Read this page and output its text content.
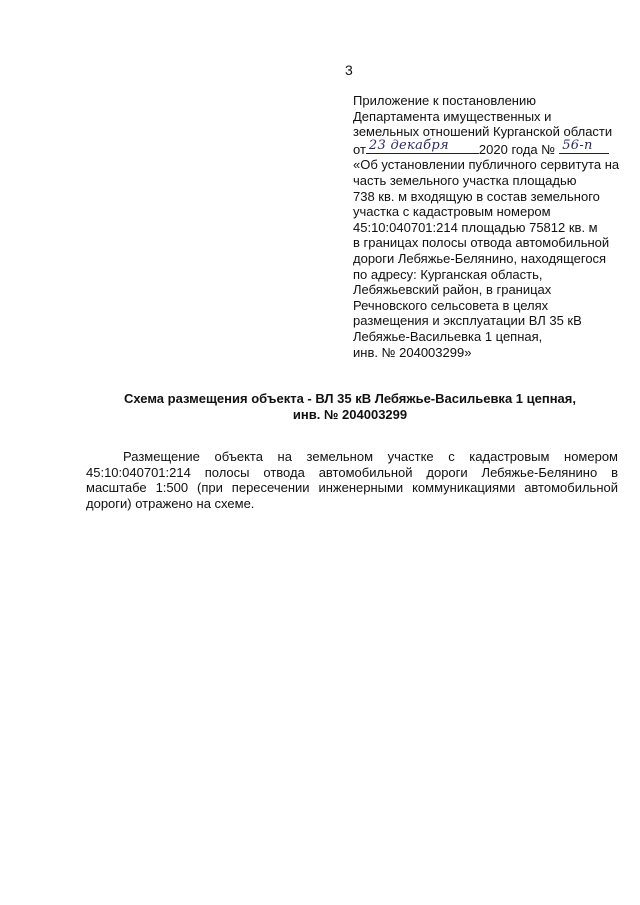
3
Приложение к постановлению
Департамента имущественных и
земельных отношений Курганской области
от 23 декабря 2020 года № 56-п
«Об установлении публичного сервитута на
часть земельного участка площадью
738 кв. м входящую в состав земельного
участка с кадастровым номером
45:10:040701:214 площадью 75812 кв. м
в границах полосы отвода автомобильной
дороги Лебяжье-Белянино, находящегося
по адресу: Курганская область,
Лебяжьевский район, в границах
Речновского сельсовета в целях
размещения и эксплуатации ВЛ 35 кВ
Лебяжье-Васильевка 1 цепная,
инв. № 204003299»
Схема размещения объекта - ВЛ 35 кВ Лебяжье-Васильевка 1 цепная,
инв. № 204003299
Размещение объекта на земельном участке с кадастровым номером 45:10:040701:214 полосы отвода автомобильной дороги Лебяжье-Белянино в масштабе 1:500 (при пересечении инженерными коммуникациями автомобильной дороги) отражено на схеме.
